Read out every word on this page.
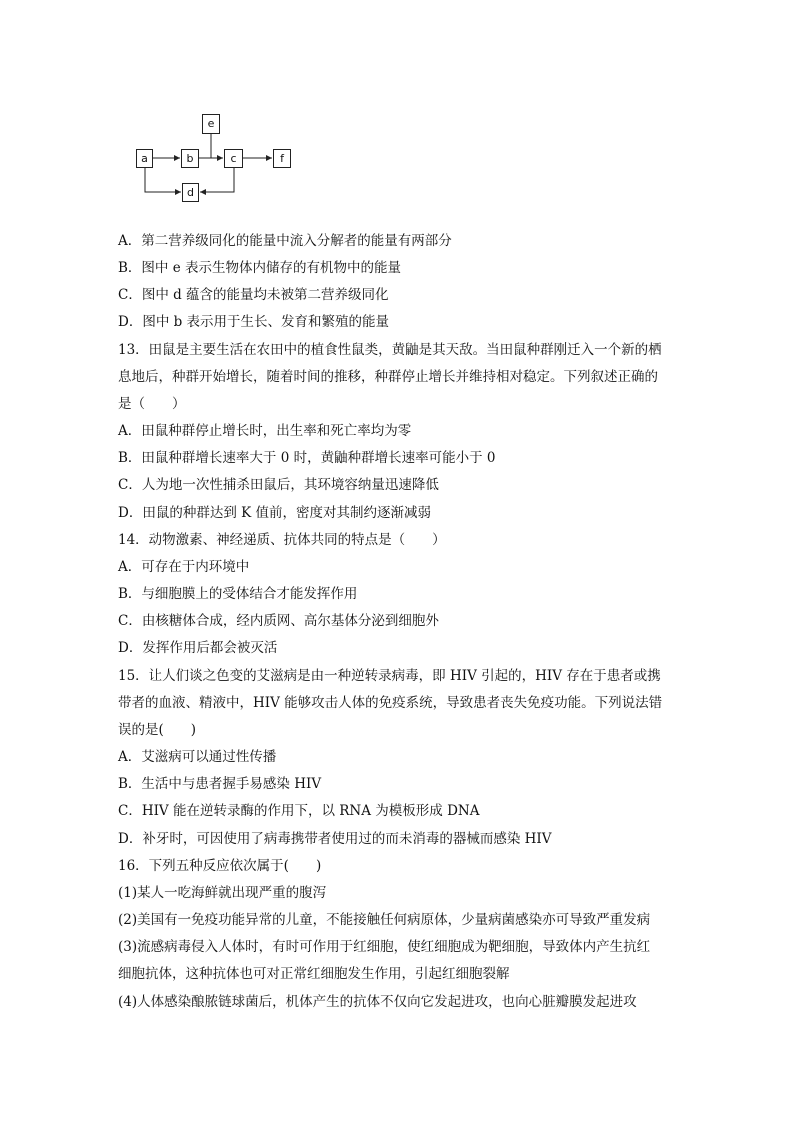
e
a	b	c	f
d
A．第二营养级同化的能量中流入分解者的能量有两部分
B．图中 e 表示生物体内储存的有机物中的能量
C．图中 d 蕴含的能量均未被第二营养级同化
D．图中 b 表示用于生长、发育和繁殖的能量
13．田鼠是主要生活在农田中的植食性鼠类，黄鼬是其天敌。当田鼠种群刚迁入一个新的栖
息地后，种群开始增长，随着时间的推移，种群停止增长并维持相对稳定。下列叙述正确的
是（　　）
A．田鼠种群停止增长时，出生率和死亡率均为零
B．田鼠种群增长速率大于 0 时，黄鼬种群增长速率可能小于 0
C．人为地一次性捕杀田鼠后，其环境容纳量迅速降低
D．田鼠的种群达到 K 值前，密度对其制约逐渐减弱
14．动物激素、神经递质、抗体共同的特点是（　　）
A．可存在于内环境中
B．与细胞膜上的受体结合才能发挥作用
C．由核糖体合成，经内质网、高尔基体分泌到细胞外
D．发挥作用后都会被灭活
15．让人们谈之色变的艾滋病是由一种逆转录病毒，即 HIV 引起的，HIV 存在于患者或携
带者的血液、精液中，HIV 能够攻击人体的免疫系统，导致患者丧失免疫功能。下列说法错
误的是(　　)
A．艾滋病可以通过性传播
B．生活中与患者握手易感染 HIV
C．HIV 能在逆转录酶的作用下，以 RNA 为模板形成 DNA
D．补牙时，可因使用了病毒携带者使用过的而未消毒的器械而感染 HIV
16．下列五种反应依次属于(　　)
(1)某人一吃海鲜就出现严重的腹泻
(2)美国有一免疫功能异常的儿童，不能接触任何病原体，少量病菌感染亦可导致严重发病
(3)流感病毒侵入人体时，有时可作用于红细胞，使红细胞成为靶细胞，导致体内产生抗红
细胞抗体，这种抗体也可对正常红细胞发生作用，引起红细胞裂解
(4)人体感染酿脓链球菌后，机体产生的抗体不仅向它发起进攻，也向心脏瓣膜发起进攻
